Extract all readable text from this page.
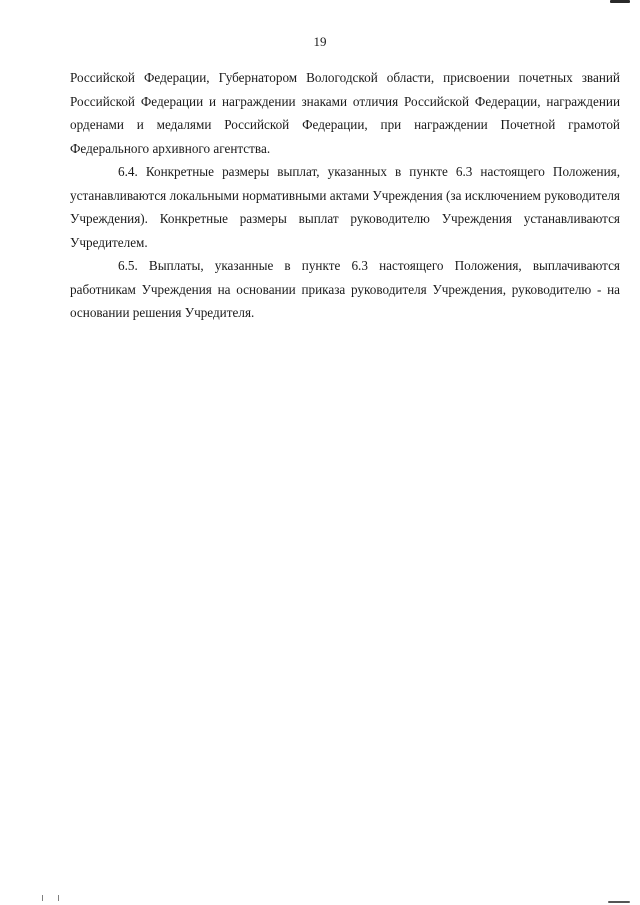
19

Российской Федерации, Губернатором Вологодской области, присвоении почетных званий Российской Федерации и награждении знаками отличия Российской Федерации, награждении орденами и медалями Российской Федерации, при награждении Почетной грамотой Федерального архивного агентства.

6.4. Конкретные размеры выплат, указанных в пункте 6.3 настоящего Положения, устанавливаются локальными нормативными актами Учреждения (за исключением руководителя Учреждения). Конкретные размеры выплат руководителю Учреждения устанавливаются Учредителем.

6.5. Выплаты, указанные в пункте 6.3 настоящего Положения, выплачиваются работникам Учреждения на основании приказа руководителя Учреждения, руководителю - на основании решения Учредителя.
